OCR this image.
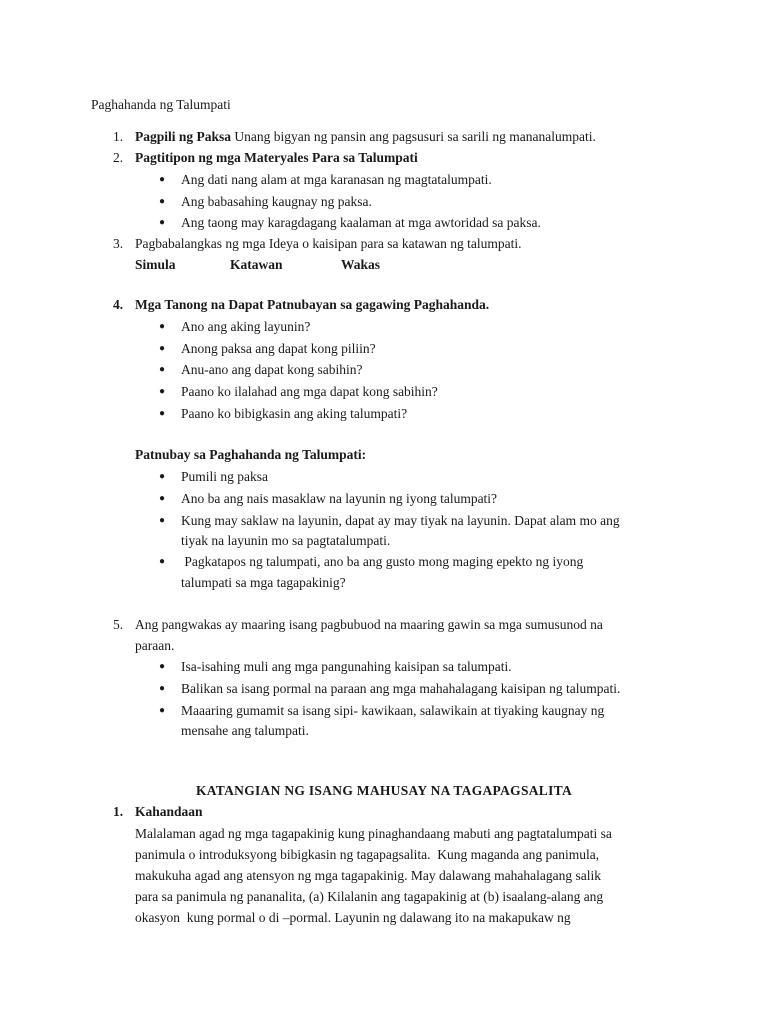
Paghahanda ng Talumpati
1. Pagpili ng Paksa Unang bigyan ng pansin ang pagsusuri sa sarili ng mananalumpati.
2. Pagtitipon ng mga Materyales Para sa Talumpati
● Ang dati nang alam at mga karanasan ng magtatalumpati.
● Ang babasahing kaugnay ng paksa.
● Ang taong may karagdagang kaalaman at mga awtoridad sa paksa.
3. Pagbabalangkas ng mga Ideya o kaisipan para sa katawan ng talumpati.
Simula	Katawan	Wakas
4. Mga Tanong na Dapat Patnubayan sa gagawing Paghahanda.
● Ano ang aking layunin?
● Anong paksa ang dapat kong piliin?
● Anu-ano ang dapat kong sabihin?
● Paano ko ilalahad ang mga dapat kong sabihin?
● Paano ko bibigkasin ang aking talumpati?
Patnubay sa Paghahanda ng Talumpati:
● Pumili ng paksa
● Ano ba ang nais masaklaw na layunin ng iyong talumpati?
● Kung may saklaw na layunin, dapat ay may tiyak na layunin. Dapat alam mo ang
tiyak na layunin mo sa pagtatalumpati.
● Pagkatapos ng talumpati, ano ba ang gusto mong maging epekto ng iyong
talumpati sa mga tagapakinig?
5. Ang pangwakas ay maaring isang pagbubuod na maaring gawin sa mga sumusunod na
paraan.
● Isa-isahing muli ang mga pangunahing kaisipan sa talumpati.
● Balikan sa isang pormal na paraan ang mga mahahalagang kaisipan ng talumpati.
● Maaaring gumamit sa isang sipi- kawikaan, salawikain at tiyaking kaugnay ng
mensahe ang talumpati.
KATANGIAN NG ISANG MAHUSAY NA TAGAPAGSALITA
1. Kahandaan
Malalaman agad ng mga tagapakinig kung pinaghandaang mabuti ang pagtatalumpati sa
panimula o introduksyong bibigkasin ng tagapagsalita.  Kung maganda ang panimula,
makukuha agad ang atensyon ng mga tagapakinig. May dalawang mahahalagang salik
para sa panimula ng pananalita, (a) Kilalanin ang tagapakinig at (b) isaalang-alang ang
okasyon  kung pormal o di –pormal. Layunin ng dalawang ito na makapukaw ng
